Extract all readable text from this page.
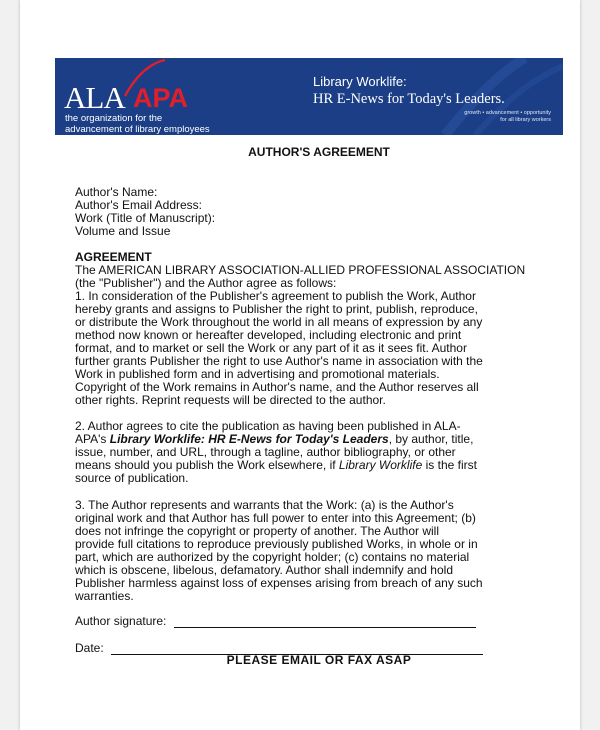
ALA APA
the organization for the
advancement of library employees
Library Worklife:
HR E-News for Today's Leaders.
growth • advancement • opportunity
for all library workers
AUTHOR'S AGREEMENT
Author's Name:
Author's Email Address:
Work (Title of Manuscript):
Volume and Issue
AGREEMENT
The AMERICAN LIBRARY ASSOCIATION-ALLIED PROFESSIONAL ASSOCIATION
(the "Publisher") and the Author agree as follows:
1. In consideration of the Publisher's agreement to publish the Work, Author
hereby grants and assigns to Publisher the right to print, publish, reproduce,
or distribute the Work throughout the world in all means of expression by any
method now known or hereafter developed, including electronic and print
format, and to market or sell the Work or any part of it as it sees fit. Author
further grants Publisher the right to use Author's name in association with the
Work in published form and in advertising and promotional materials.
Copyright of the Work remains in Author's name, and the Author reserves all
other rights. Reprint requests will be directed to the author.
2. Author agrees to cite the publication as having been published in ALA-
APA's Library Worklife: HR E-News for Today's Leaders, by author, title,
issue, number, and URL, through a tagline, author bibliography, or other
means should you publish the Work elsewhere, if Library Worklife is the first
source of publication.
3. The Author represents and warrants that the Work: (a) is the Author's
original work and that Author has full power to enter into this Agreement; (b)
does not infringe the copyright or property of another. The Author will
provide full citations to reproduce previously published Works, in whole or in
part, which are authorized by the copyright holder; (c) contains no material
which is obscene, libelous, defamatory. Author shall indemnify and hold
Publisher harmless against loss of expenses arising from breach of any such
warranties.
Author signature:
Date:
PLEASE EMAIL OR FAX ASAP
